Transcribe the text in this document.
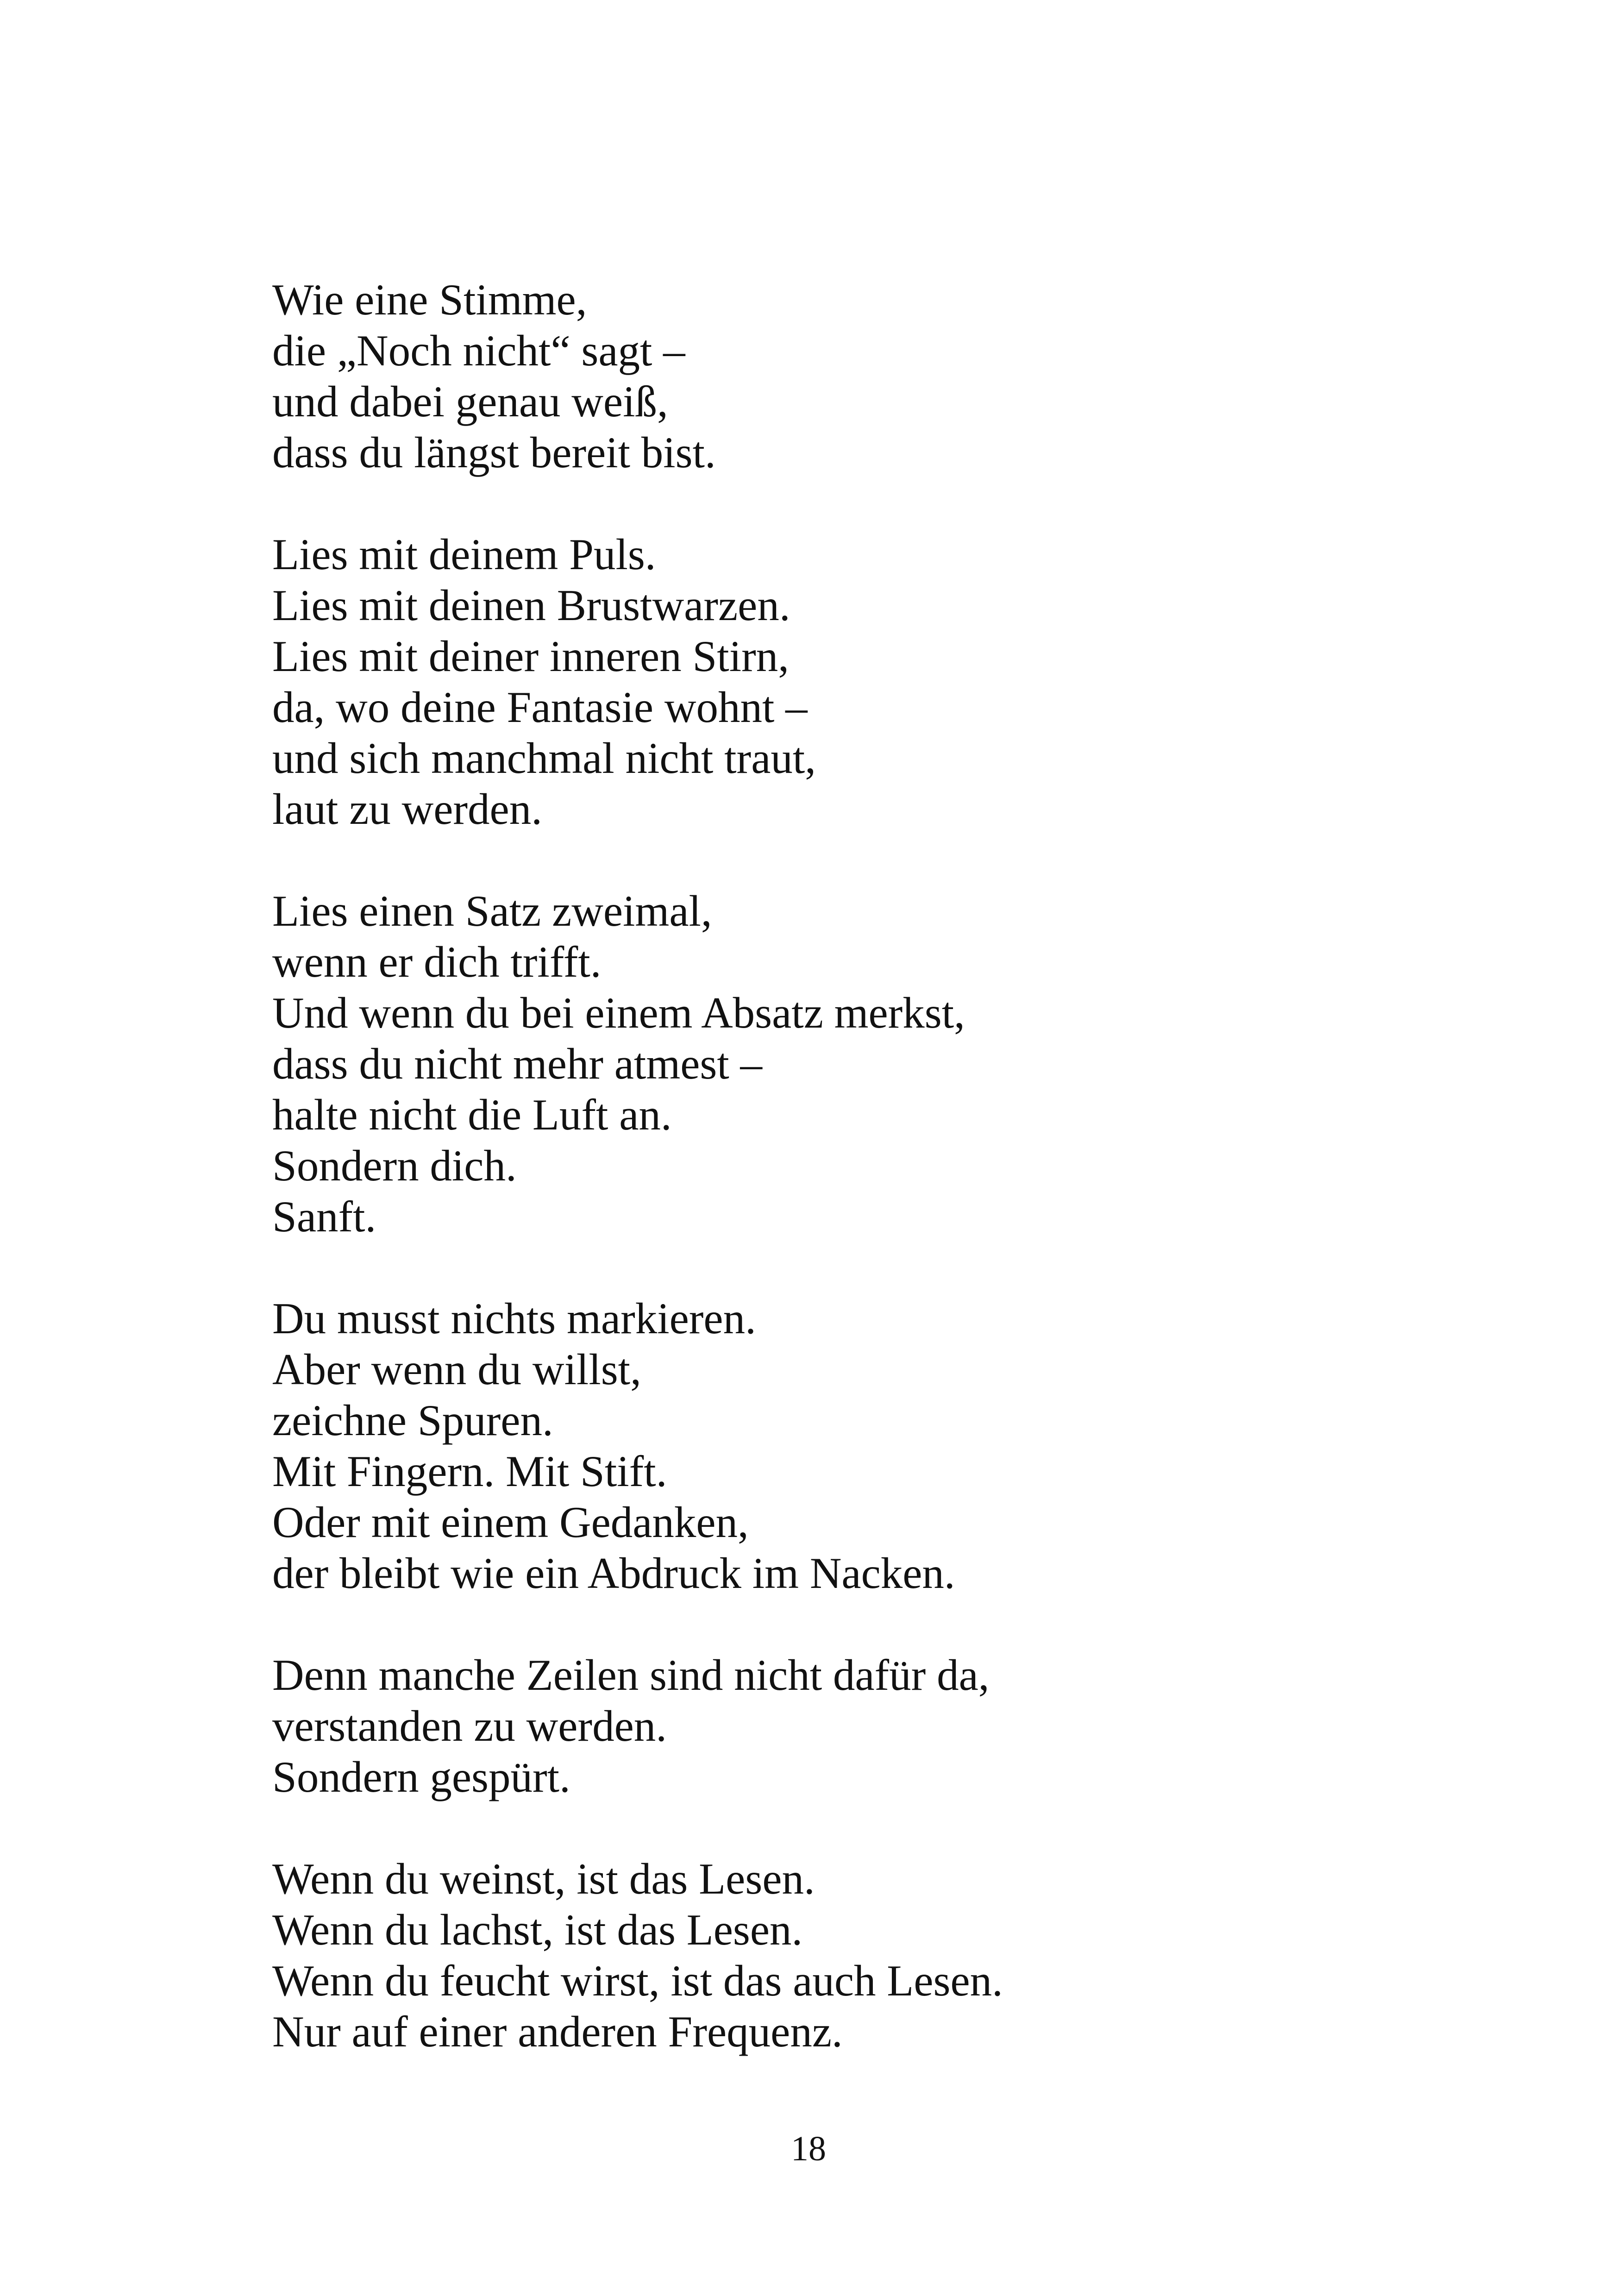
Wie eine Stimme,
die „Noch nicht“ sagt –
und dabei genau weiß,
dass du längst bereit bist.
Lies mit deinem Puls.
Lies mit deinen Brustwarzen.
Lies mit deiner inneren Stirn,
da, wo deine Fantasie wohnt –
und sich manchmal nicht traut,
laut zu werden.
Lies einen Satz zweimal,
wenn er dich trifft.
Und wenn du bei einem Absatz merkst,
dass du nicht mehr atmest –
halte nicht die Luft an.
Sondern dich.
Sanft.
Du musst nichts markieren.
Aber wenn du willst,
zeichne Spuren.
Mit Fingern. Mit Stift.
Oder mit einem Gedanken,
der bleibt wie ein Abdruck im Nacken.
Denn manche Zeilen sind nicht dafür da,
verstanden zu werden.
Sondern gespürt.
Wenn du weinst, ist das Lesen.
Wenn du lachst, ist das Lesen.
Wenn du feucht wirst, ist das auch Lesen.
Nur auf einer anderen Frequenz.
18
